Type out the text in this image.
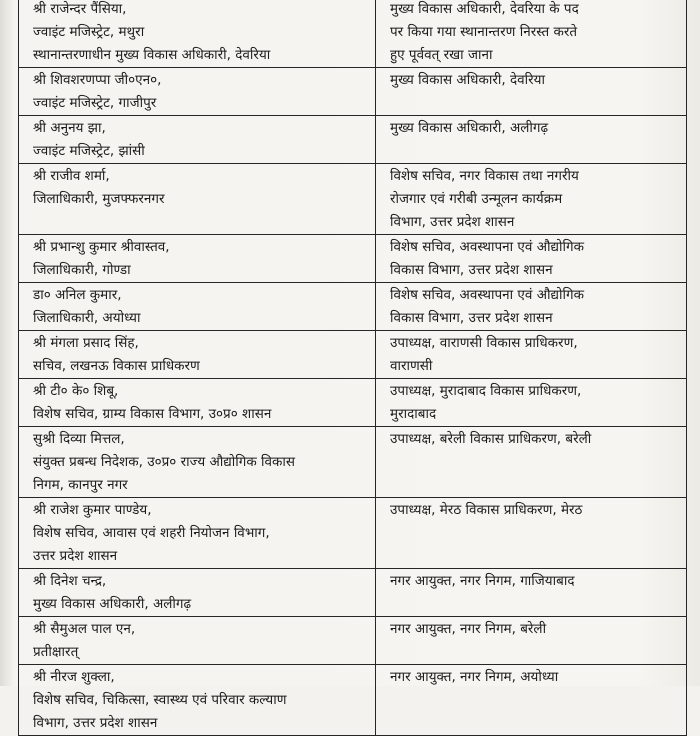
श्री राजेन्दर पैंसिया,
ज्वाइंट मजिस्ट्रेट, मथुरा
स्थानान्तरणाधीन मुख्य विकास अधिकारी, देवरिया	मुख्य विकास अधिकारी, देवरिया के पद
पर किया गया स्थानान्तरण निरस्त करते
हुए पूर्ववत् रखा जाना

श्री शिवशरणप्पा जी०एन०,
ज्वाइंट मजिस्ट्रेट, गाजीपुर	मुख्य विकास अधिकारी, देवरिया

श्री अनुनय झा,
ज्वाइंट मजिस्ट्रेट, झांसी	मुख्य विकास अधिकारी, अलीगढ़

श्री राजीव शर्मा,
जिलाधिकारी, मुजफ्फरनगर	विशेष सचिव, नगर विकास तथा नगरीय
रोजगार एवं गरीबी उन्मूलन कार्यक्रम
विभाग, उत्तर प्रदेश शासन

श्री प्रभान्शु कुमार श्रीवास्तव,
जिलाधिकारी, गोण्डा	विशेष सचिव, अवस्थापना एवं औद्योगिक
विकास विभाग, उत्तर प्रदेश शासन

डा० अनिल कुमार,
जिलाधिकारी, अयोध्या	विशेष सचिव, अवस्थापना एवं औद्योगिक
विकास विभाग, उत्तर प्रदेश शासन

श्री मंगला प्रसाद सिंह,
सचिव, लखनऊ विकास प्राधिकरण	उपाध्यक्ष, वाराणसी विकास प्राधिकरण,
वाराणसी

श्री टी० के० शिबू,
विशेष सचिव, ग्राम्य विकास विभाग, उ०प्र० शासन	उपाध्यक्ष, मुरादाबाद विकास प्राधिकरण,
मुरादाबाद

सुश्री दिव्या मित्तल,
संयुक्त प्रबन्ध निदेशक, उ०प्र० राज्य औद्योगिक विकास
निगम, कानपुर नगर	उपाध्यक्ष, बरेली विकास प्राधिकरण, बरेली

श्री राजेश कुमार पाण्डेय,
विशेष सचिव, आवास एवं शहरी नियोजन विभाग,
उत्तर प्रदेश शासन	उपाध्यक्ष, मेरठ विकास प्राधिकरण, मेरठ

श्री दिनेश चन्द्र,
मुख्य विकास अधिकारी, अलीगढ़	नगर आयुक्त, नगर निगम, गाजियाबाद

श्री सैमुअल पाल एन,
प्रतीक्षारत्	नगर आयुक्त, नगर निगम, बरेली

श्री नीरज शुक्ला,
विशेष सचिव, चिकित्सा, स्वास्थ्य एवं परिवार कल्याण
विभाग, उत्तर प्रदेश शासन	नगर आयुक्त, नगर निगम, अयोध्या
